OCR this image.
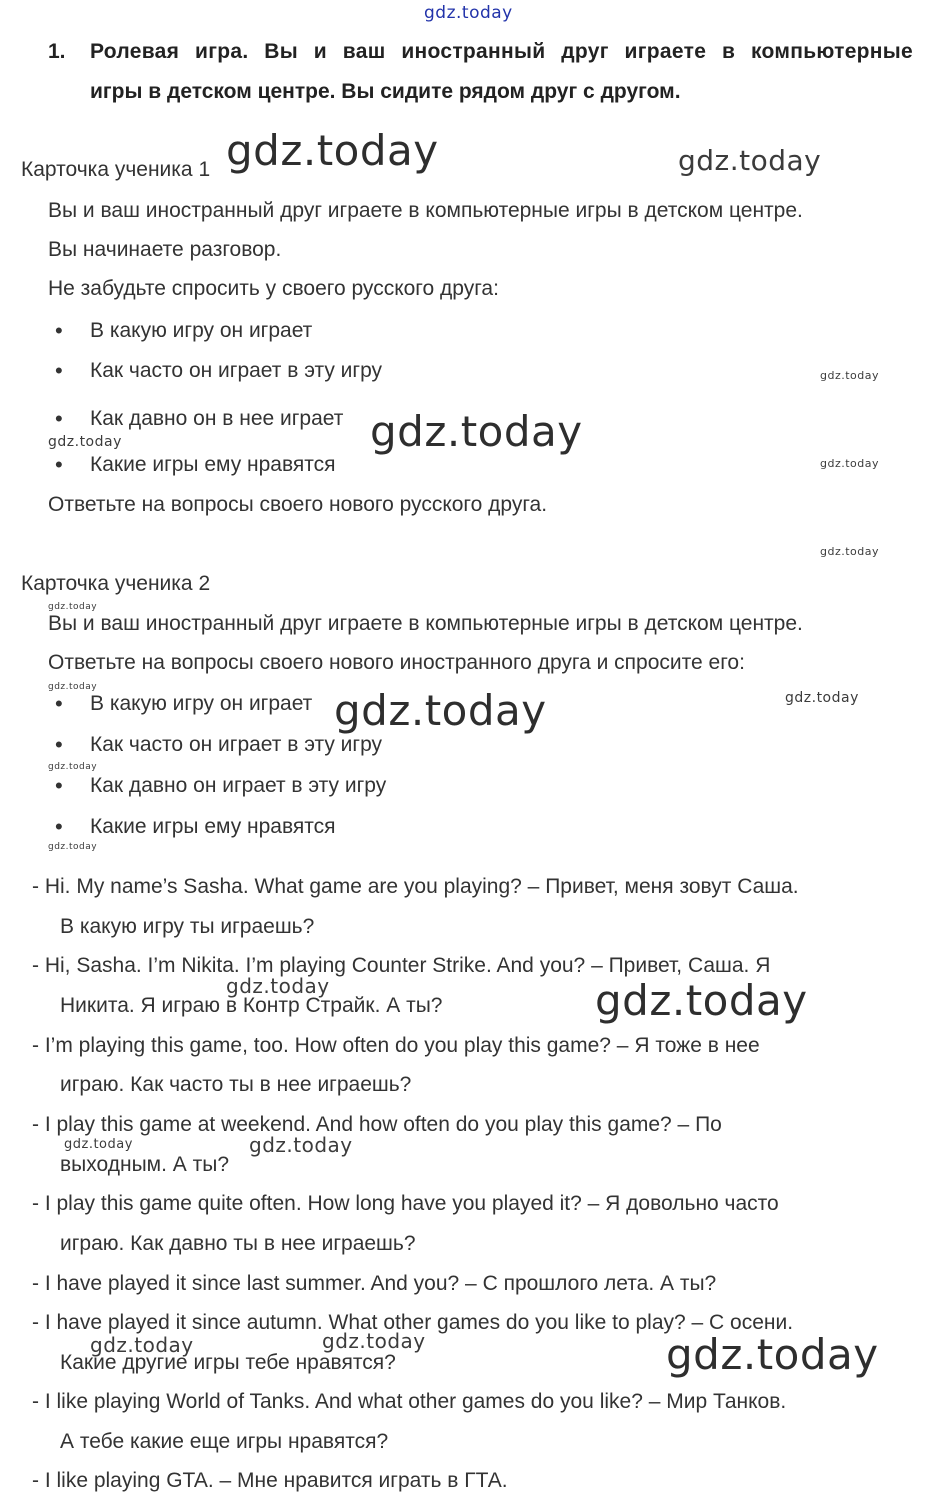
gdz.today
1. Ролевая игра. Вы и ваш иностранный друг играете в компьютерные
игры в детском центре. Вы сидите рядом друг с другом.
Карточка ученика 1
Вы и ваш иностранный друг играете в компьютерные игры в детском центре.
Вы начинаете разговор.
Не забудьте спросить у своего русского друга:
• В какую игру он играет
• Как часто он играет в эту игру
• Как давно он в нее играет
• Какие игры ему нравятся
Ответьте на вопросы своего нового русского друга.
Карточка ученика 2
Вы и ваш иностранный друг играете в компьютерные игры в детском центре.
Ответьте на вопросы своего нового иностранного друга и спросите его:
• В какую игру он играет
• Как часто он играет в эту игру
• Как давно он играет в эту игру
• Какие игры ему нравятся
- Hi. My name’s Sasha. What game are you playing? – Привет, меня зовут Саша.
В какую игру ты играешь?
- Hi, Sasha. I’m Nikita. I’m playing Counter Strike. And you? – Привет, Саша. Я
Никита. Я играю в Контр Страйк. А ты?
- I’m playing this game, too. How often do you play this game? – Я тоже в нее
играю. Как часто ты в нее играешь?
- I play this game at weekend. And how often do you play this game? – По
выходным. А ты?
- I play this game quite often. How long have you played it? – Я довольно часто
играю. Как давно ты в нее играешь?
- I have played it since last summer. And you? – С прошлого лета. А ты?
- I have played it since autumn. What other games do you like to play? – С осени.
Какие другие игры тебе нравятся?
- I like playing World of Tanks. And what other games do you like? – Мир Танков.
А тебе какие еще игры нравятся?
- I like playing GTA. – Мне нравится играть в ГТА.
gdz.today	gdz.today
gdz.today
gdz.today
gdz.today
gdz.today
gdz.today
gdz.today
gdz.today
gdz.today
gdz.today
gdz.today
gdz.today
gdz.today	gdz.today
gdz.today	gdz.today
gdz.today	gdz.today	gdz.today
